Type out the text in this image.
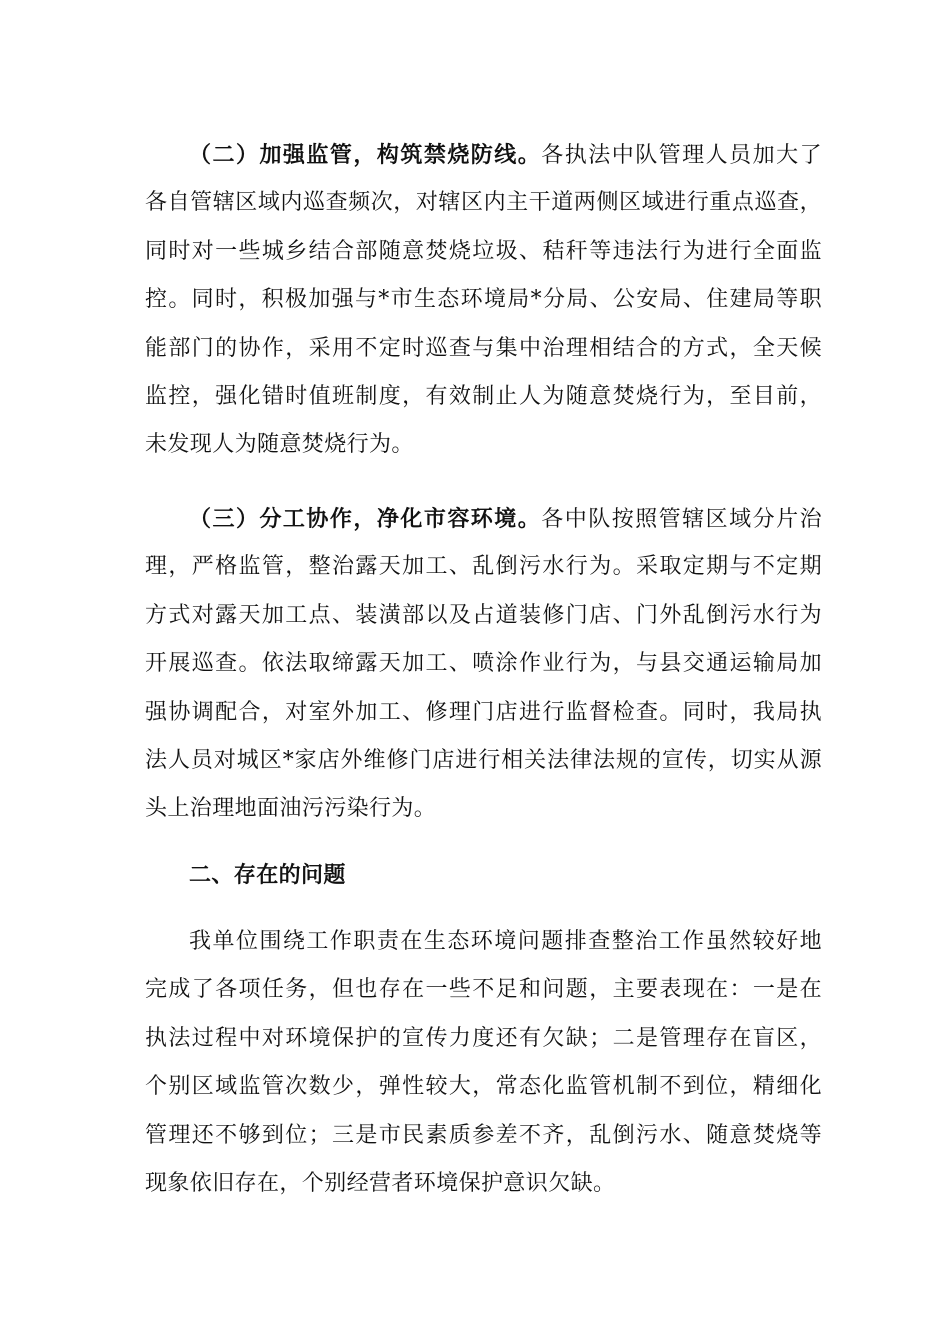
（二）加强监管，构筑禁烧防线。各执法中队管理人员加大了
各自管辖区域内巡查频次，对辖区内主干道两侧区域进行重点巡查，
同时对一些城乡结合部随意焚烧垃圾、秸秆等违法行为进行全面监
控。同时，积极加强与*市生态环境局*分局、公安局、住建局等职
能部门的协作，采用不定时巡查与集中治理相结合的方式，全天候
监控，强化错时值班制度，有效制止人为随意焚烧行为，至目前，
未发现人为随意焚烧行为。
（三）分工协作，净化市容环境。各中队按照管辖区域分片治
理，严格监管，整治露天加工、乱倒污水行为。采取定期与不定期
方式对露天加工点、装潢部以及占道装修门店、门外乱倒污水行为
开展巡查。依法取缔露天加工、喷涂作业行为，与县交通运输局加
强协调配合，对室外加工、修理门店进行监督检查。同时，我局执
法人员对城区*家店外维修门店进行相关法律法规的宣传，切实从源
头上治理地面油污污染行为。
二、存在的问题
我单位围绕工作职责在生态环境问题排查整治工作虽然较好地
完成了各项任务，但也存在一些不足和问题，主要表现在：一是在
执法过程中对环境保护的宣传力度还有欠缺；二是管理存在盲区，
个别区域监管次数少，弹性较大，常态化监管机制不到位，精细化
管理还不够到位；三是市民素质参差不齐，乱倒污水、随意焚烧等
现象依旧存在，个别经营者环境保护意识欠缺。
